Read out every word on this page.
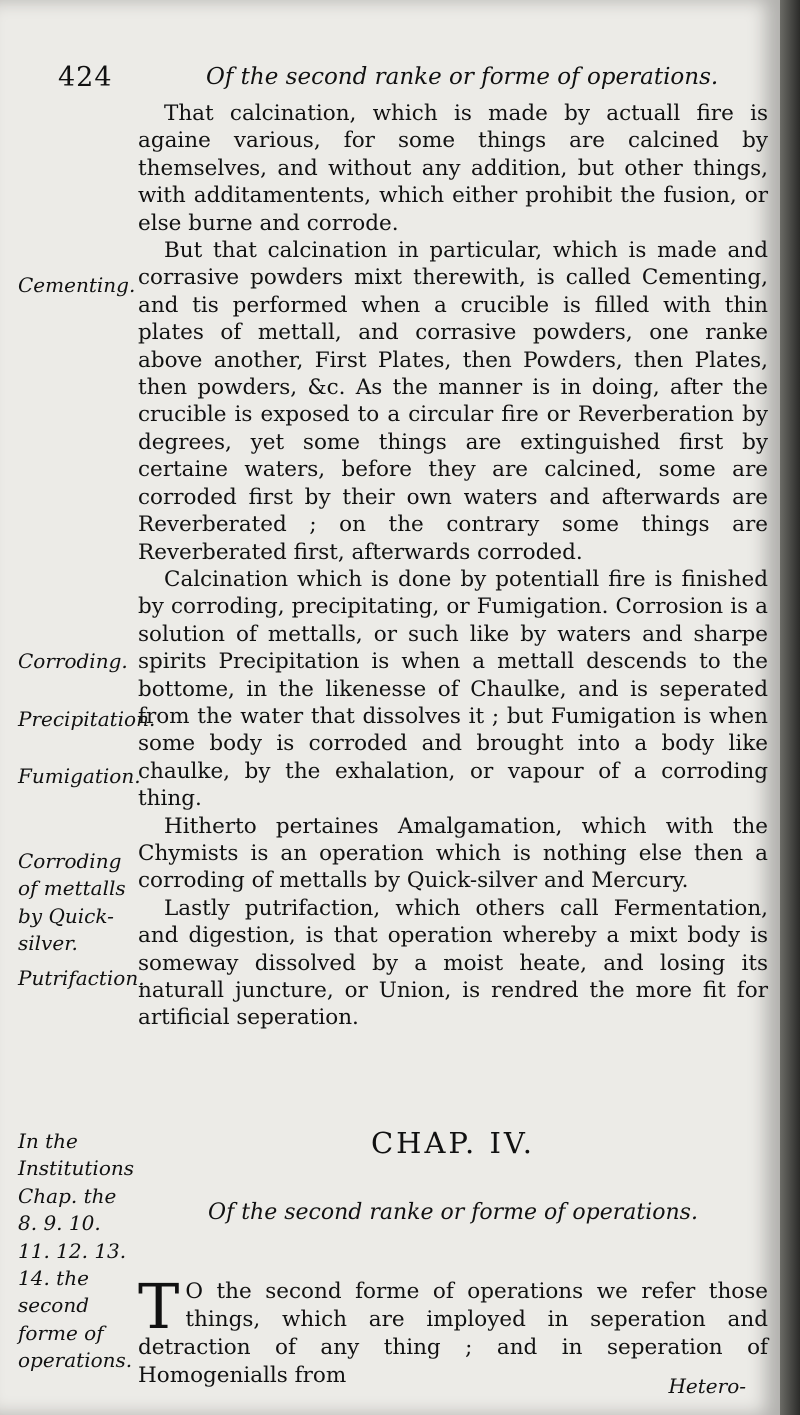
424	Of the second ranke or forme of operations.

That calcination, which is made by actuall fire is againe various, for some things are calcined by themselves, and without any addition, but other things, with additamentents, which either prohibit the fusion, or else burne and corrode.

But that calcination in particular, which is made and corrasive powders mixt therewith, is called Cementing, and tis performed when a crucible is filled with thin plates of mettall, and corrasive powders, one ranke above another, First Plates, then Powders, then Plates, then powders, &c. As the manner is in doing, after the crucible is exposed to a circular fire or Reverberation by degrees, yet some things are extinguished first by certaine waters, before they are calcined, some are corroded first by their own waters and afterwards are Reverberated ; on the contrary some things are Reverberated first, afterwards corroded.

Calcination which is done by potentiall fire is finished by corroding, precipitating, or Fumigation. Corrosion is a solution of mettalls, or such like by waters and sharpe spirits Precipitation is when a mettall descends to the bottome, in the likenesse of Chaulke, and is seperated from the water that dissolves it ; but Fumigation is when some body is corroded and brought into a body like chaulke, by the exhalation, or vapour of a corroding thing.

Hitherto pertaines Amalgamation, which with the Chymists is an operation which is nothing else then a corroding of mettalls by Quick-silver and Mercury.

Lastly putrifaction, which others call Fermentation, and digestion, is that operation whereby a mixt body is someway dissolved by a moist heate, and losing its naturall juncture, or Union, is rendred the more fit for artificial seperation.

Cementing.
Corroding.
Precipitation.
Fumigation.
Corroding of mettalls by Quick-silver.
Putrifaction.
In the Institutions Chap. the 8. 9. 10. 11. 12. 13. 14. the second forme of operations.
CHAP. IV.
Of the second ranke or forme of operations.
T O the second forme of operations we refer those things, which are imployed in seperation and detraction of any thing ; and in seperation of Homogenialls from	Hetero-
